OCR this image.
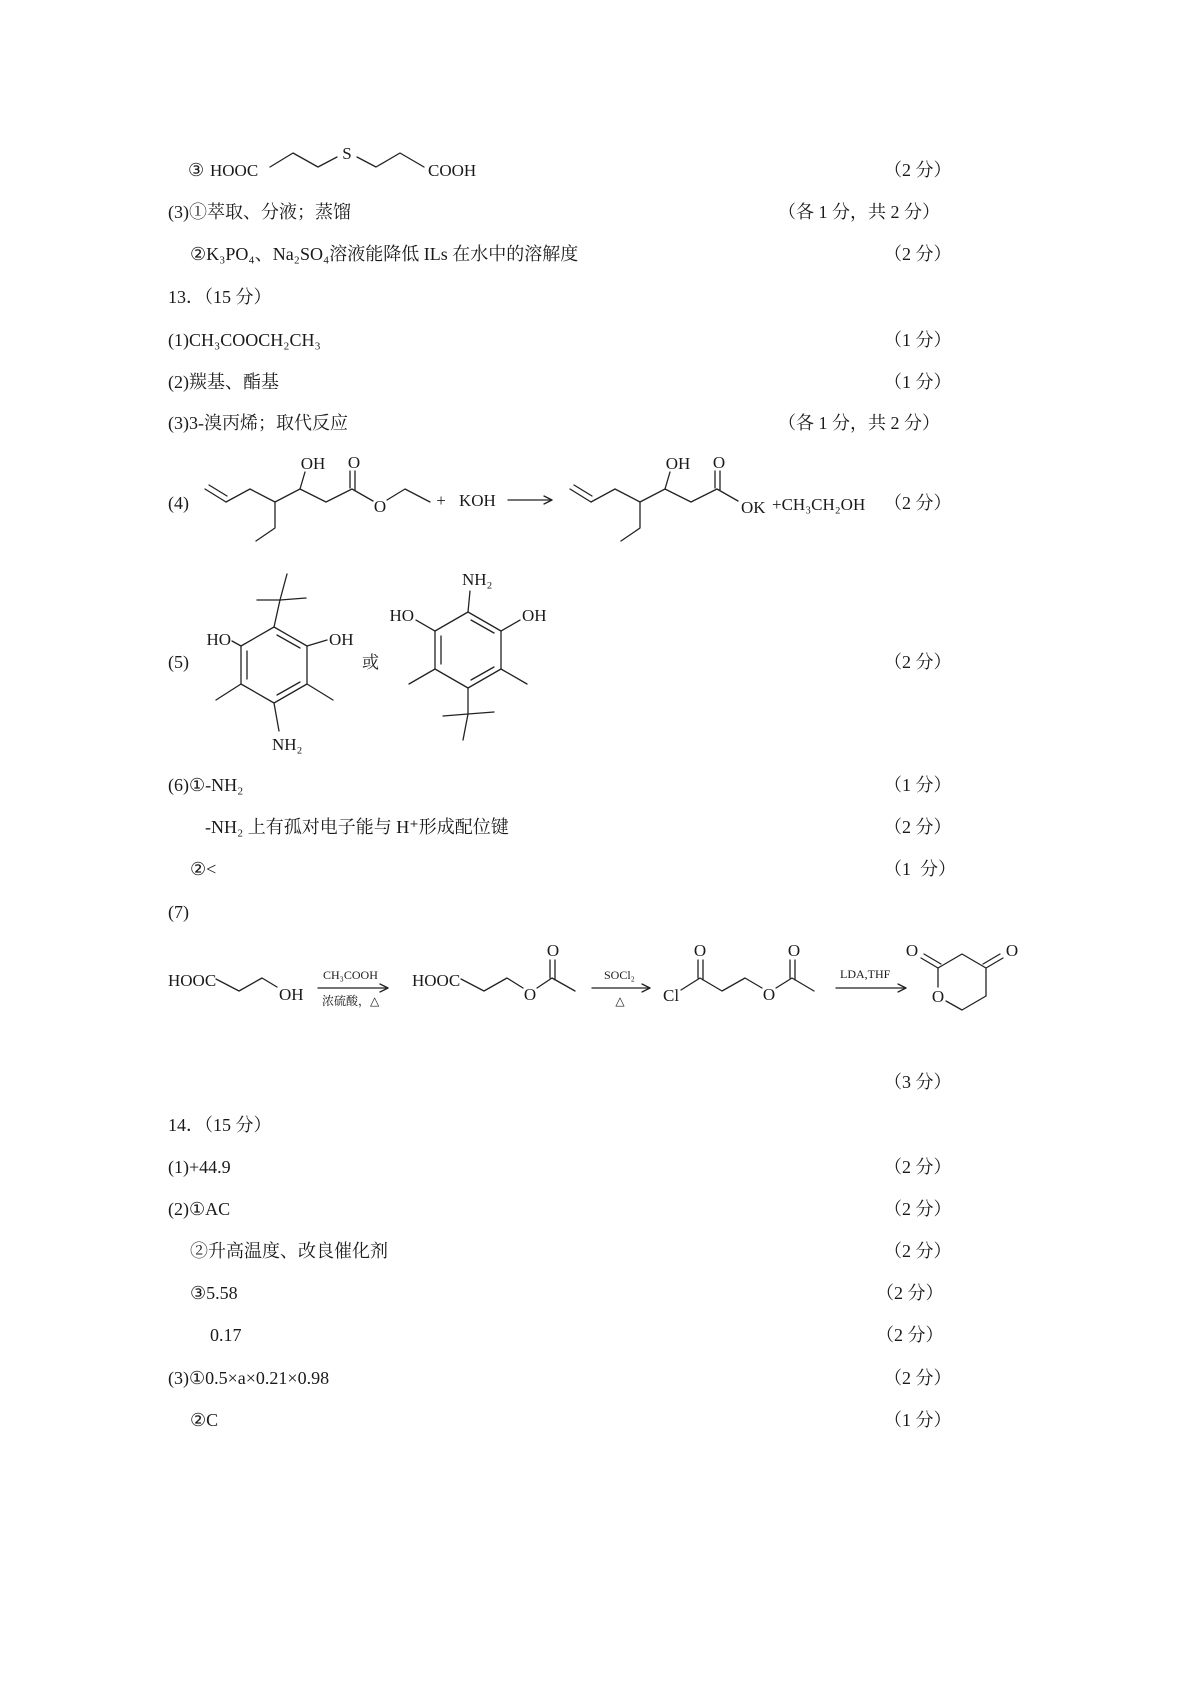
HOOC
S
COOH
OH O
O	+ KOH
OH O
OK +CH₃CH₂OH
HO	OH
NH₂
或
NH₂
HO	OH
HOOC
OH
CH₃COOH
浓硫酸，△
HOOC
O
O
SOCl₂
△ Cl
O
O
O
LDA,THF
O
O
O
③	（2 分）
(3)①萃取、分液；蒸馏	（各 1 分，共 2 分）
②K₃PO₄、Na₂SO₄溶液能降低 ILs 在水中的溶解度	（2 分）
13．（15 分）
(1)CH₃COOCH₂CH₃	（1 分）
(2)羰基、酯基	（1 分）
(3)3-溴丙烯；取代反应	（各 1 分，共 2 分）
(4)	（2 分）
(5)	（2 分）
(6)①-NH₂	（1 分）
-NH₂ 上有孤对电子能与 H⁺形成配位键	（2 分）
②<	（1  分）
(7)
（3 分）
14．（15 分）
(1)+44.9	（2 分）
(2)①AC	（2 分）
②升高温度、改良催化剂	（2 分）
③5.58	（2 分）
0.17	（2 分）
(3)①0.5×a×0.21×0.98	（2 分）
②C	（1 分）
